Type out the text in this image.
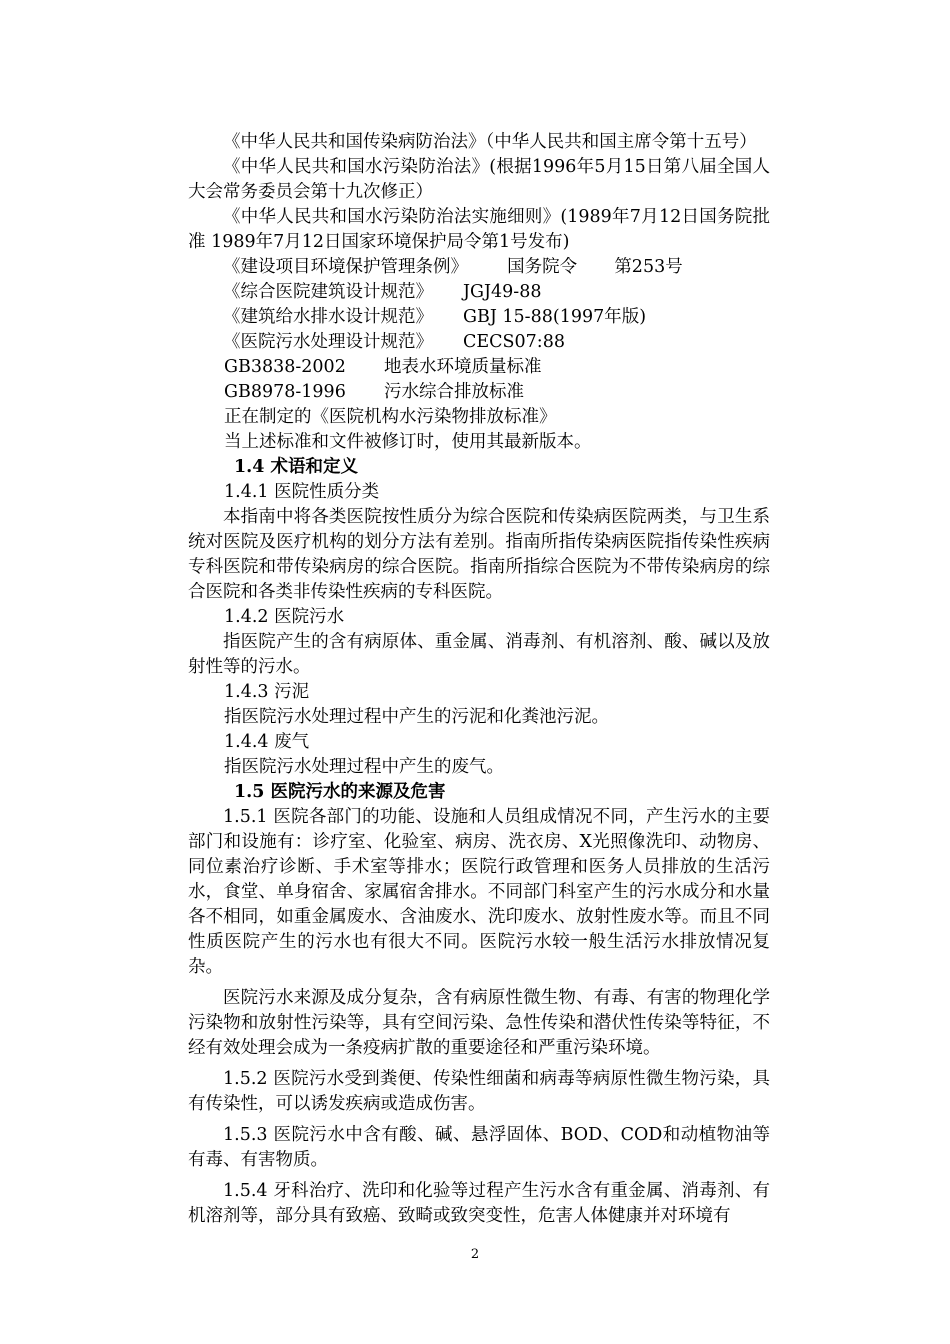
《中华人民共和国传染病防治法》（中华人民共和国主席令第十五号）

《中华人民共和国水污染防治法》(根据1996年5月15日第八届全国人大会常务委员会第十九次修正）

《中华人民共和国水污染防治法实施细则》(1989年7月12日国务院批准 1989年7月12日国家环境保护局令第1号发布)

《建设项目环境保护管理条例》 国务院令 第253号

《综合医院建筑设计规范》 JGJ49-88

《建筑给水排水设计规范》 GBJ 15-88(1997年版)

《医院污水处理设计规范》 CECS07:88

GB3838-2002 地表水环境质量标准

GB8978-1996 污水综合排放标准

正在制定的《医院机构水污染物排放标准》

当上述标准和文件被修订时，使用其最新版本。

1.4 术语和定义

1.4.1 医院性质分类

本指南中将各类医院按性质分为综合医院和传染病医院两类，与卫生系统对医院及医疗机构的划分方法有差别。指南所指传染病医院指传染性疾病专科医院和带传染病房的综合医院。指南所指综合医院为不带传染病房的综合医院和各类非传染性疾病的专科医院。

1.4.2 医院污水

指医院产生的含有病原体、重金属、消毒剂、有机溶剂、酸、碱以及放射性等的污水。

1.4.3 污泥

指医院污水处理过程中产生的污泥和化粪池污泥。

1.4.4 废气

指医院污水处理过程中产生的废气。

1.5 医院污水的来源及危害

1.5.1 医院各部门的功能、设施和人员组成情况不同，产生污水的主要部门和设施有：诊疗室、化验室、病房、洗衣房、X光照像洗印、动物房、同位素治疗诊断、手术室等排水；医院行政管理和医务人员排放的生活污水，食堂、单身宿舍、家属宿舍排水。不同部门科室产生的污水成分和水量各不相同，如重金属废水、含油废水、洗印废水、放射性废水等。而且不同性质医院产生的污水也有很大不同。医院污水较一般生活污水排放情况复杂。

医院污水来源及成分复杂，含有病原性微生物、有毒、有害的物理化学污染物和放射性污染等，具有空间污染、急性传染和潜伏性传染等特征，不经有效处理会成为一条疫病扩散的重要途径和严重污染环境。

1.5.2 医院污水受到粪便、传染性细菌和病毒等病原性微生物污染，具有传染性，可以诱发疾病或造成伤害。

1.5.3 医院污水中含有酸、碱、悬浮固体、BOD、COD和动植物油等有毒、有害物质。

1.5.4 牙科治疗、洗印和化验等过程产生污水含有重金属、消毒剂、有机溶剂等，部分具有致癌、致畸或致突变性，危害人体健康并对环境有

2
